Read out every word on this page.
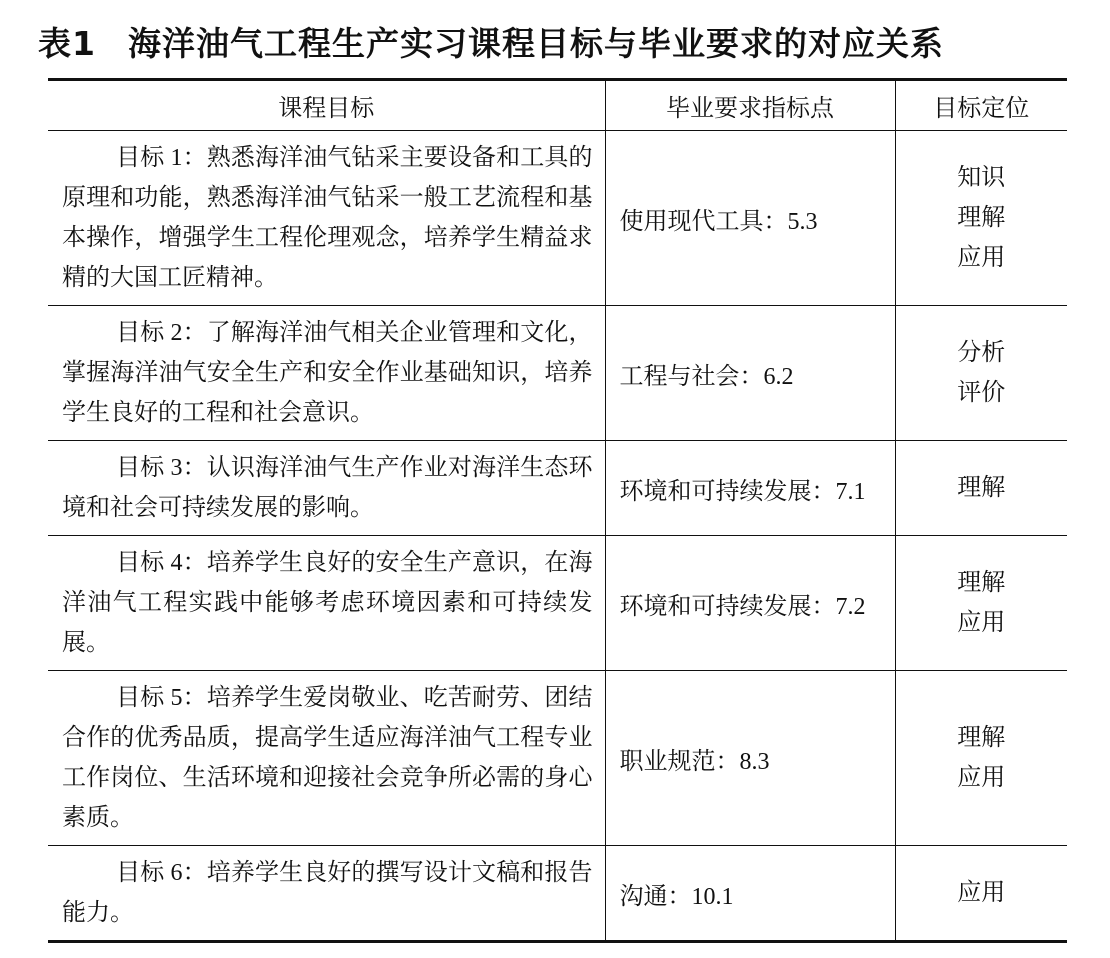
表1 海洋油气工程生产实习课程目标与毕业要求的对应关系
课程目标	毕业要求指标点	目标定位
目标 1：熟悉海洋油气钻采主要设备和工具的原理和功能，熟悉海洋油气钻采一般工艺流程和基本操作，增强学生工程伦理观念，培养学生精益求精的大国工匠精神。	使用现代工具：5.3	知识
理解
应用

目标 2：了解海洋油气相关企业管理和文化，掌握海洋油气安全生产和安全作业基础知识，培养学生良好的工程和社会意识。	工程与社会：6.2	分析
评价

目标 3：认识海洋油气生产作业对海洋生态环境和社会可持续发展的影响。	环境和可持续发展：7.1	理解

目标 4：培养学生良好的安全生产意识，在海洋油气工程实践中能够考虑环境因素和可持续发展。	环境和可持续发展：7.2	理解
应用

目标 5：培养学生爱岗敬业、吃苦耐劳、团结合作的优秀品质，提高学生适应海洋油气工程专业工作岗位、生活环境和迎接社会竞争所必需的身心素质。	职业规范：8.3	理解
应用

目标 6：培养学生良好的撰写设计文稿和报告能力。	沟通：10.1	应用
